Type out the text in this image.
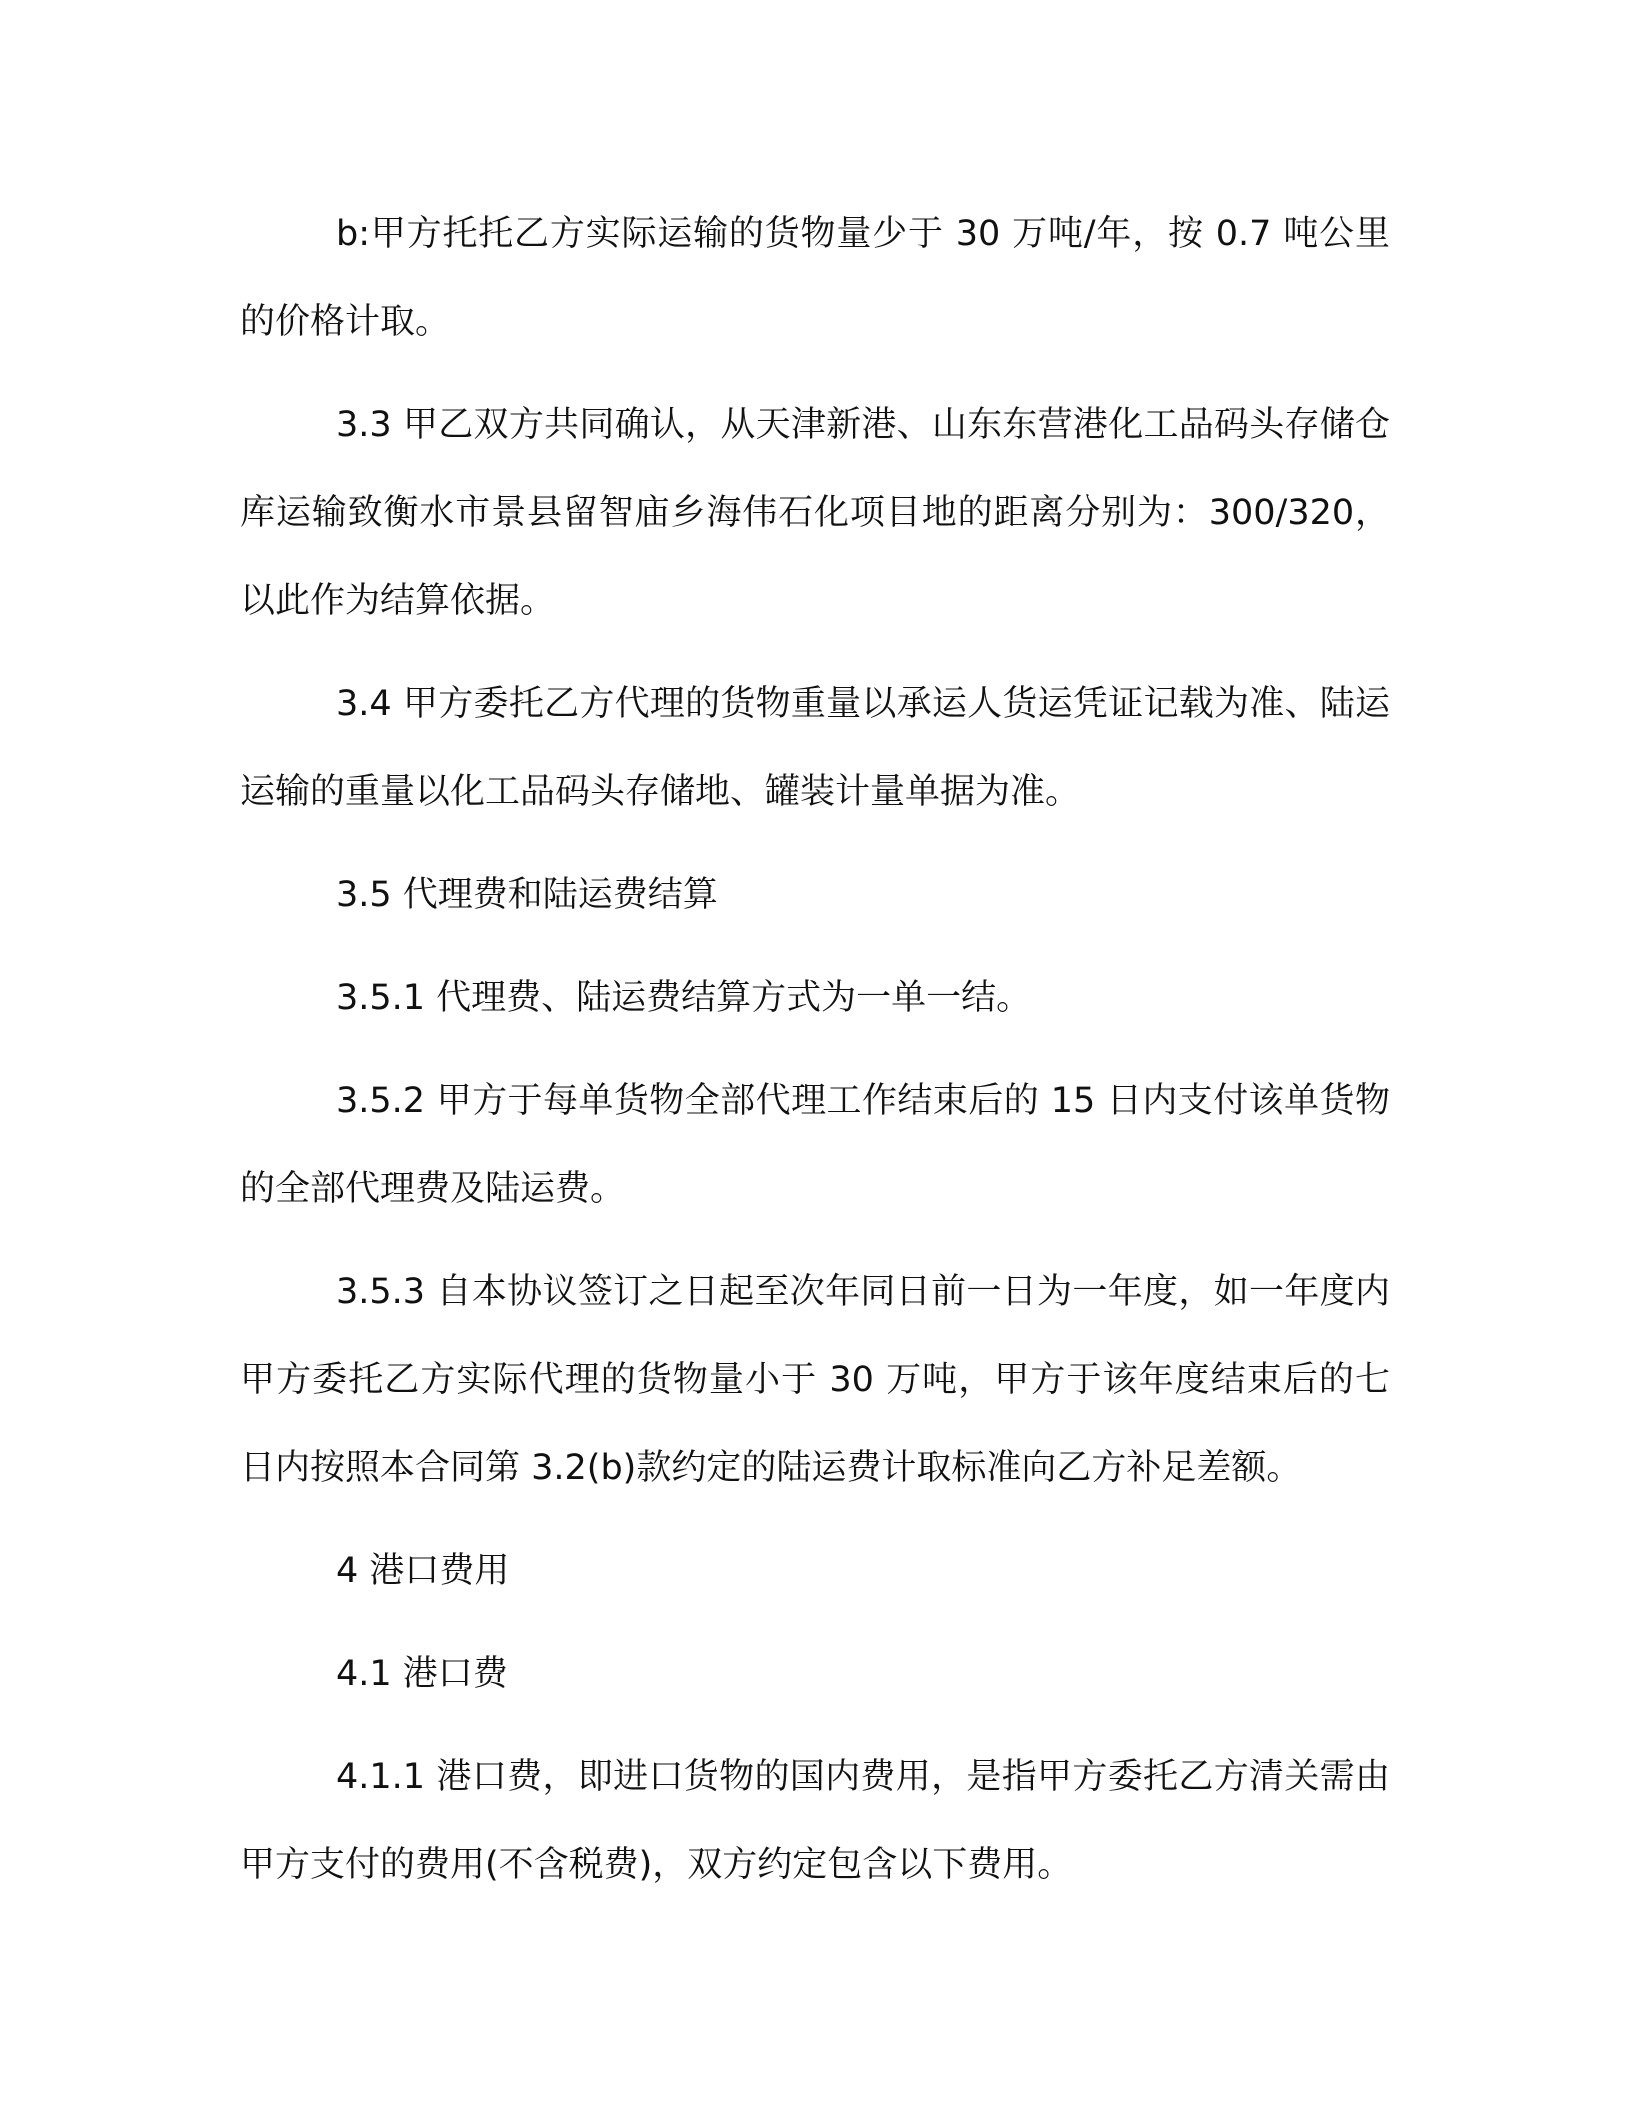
b:甲方托托乙方实际运输的货物量少于 30 万吨/年，按 0.7 吨公里的价格计取。

3.3 甲乙双方共同确认，从天津新港、山东东营港化工品码头存储仓库运输致衡水市景县留智庙乡海伟石化项目地的距离分别为：300/320，以此作为结算依据。

3.4 甲方委托乙方代理的货物重量以承运人货运凭证记载为准、陆运运输的重量以化工品码头存储地、罐装计量单据为准。

3.5 代理费和陆运费结算

3.5.1 代理费、陆运费结算方式为一单一结。

3.5.2 甲方于每单货物全部代理工作结束后的 15 日内支付该单货物的全部代理费及陆运费。

3.5.3 自本协议签订之日起至次年同日前一日为一年度，如一年度内甲方委托乙方实际代理的货物量小于 30 万吨，甲方于该年度结束后的七日内按照本合同第 3.2(b)款约定的陆运费计取标准向乙方补足差额。

4 港口费用

4.1 港口费

4.1.1 港口费，即进口货物的国内费用，是指甲方委托乙方清关需由甲方支付的费用(不含税费)，双方约定包含以下费用。
